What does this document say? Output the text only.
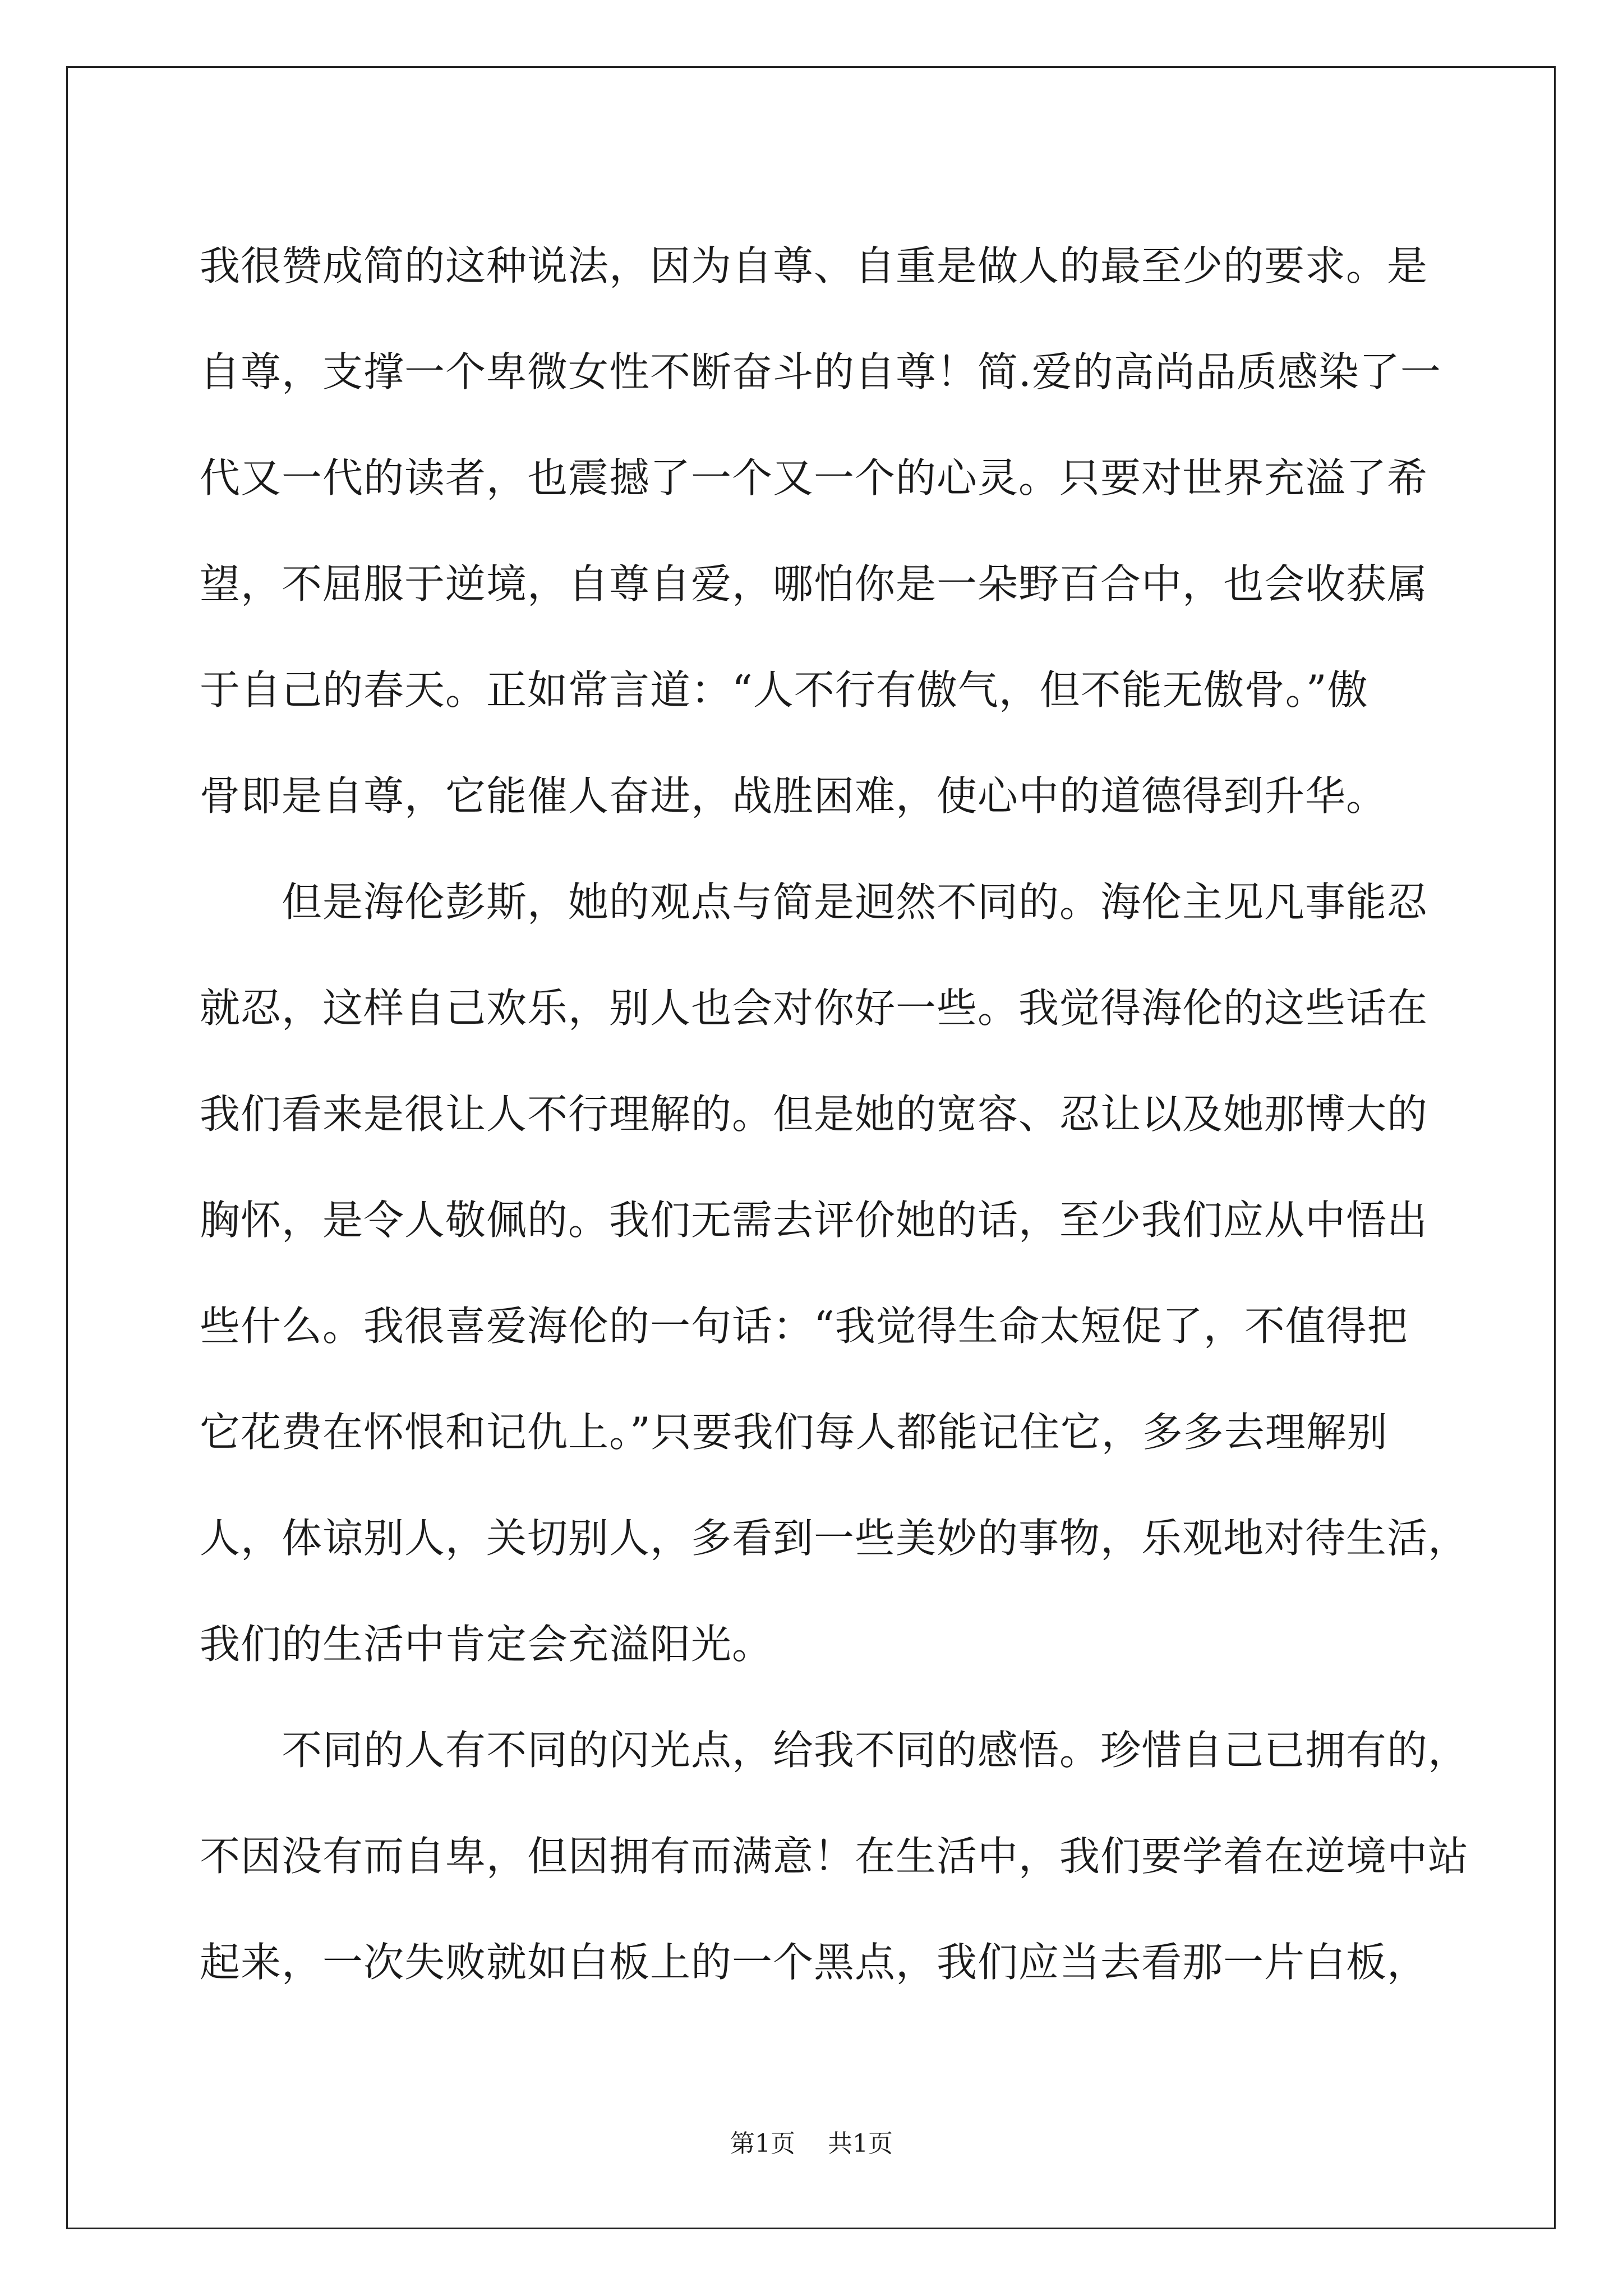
我很赞成简的这种说法，因为自尊、自重是做人的最至少的要求。是
自尊，支撑一个卑微女性不断奋斗的自尊！简.爱的高尚品质感染了一
代又一代的读者，也震撼了一个又一个的心灵。只要对世界充溢了希
望，不屈服于逆境，自尊自爱，哪怕你是一朵野百合中，也会收获属
于自己的春天。正如常言道：“人不行有傲气，但不能无傲骨。”傲
骨即是自尊，它能催人奋进，战胜困难，使心中的道德得到升华。
　　但是海伦彭斯，她的观点与简是迥然不同的。海伦主见凡事能忍
就忍，这样自己欢乐，别人也会对你好一些。我觉得海伦的这些话在
我们看来是很让人不行理解的。但是她的宽容、忍让以及她那博大的
胸怀，是令人敬佩的。我们无需去评价她的话，至少我们应从中悟出
些什么。我很喜爱海伦的一句话：“我觉得生命太短促了，不值得把
它花费在怀恨和记仇上。”只要我们每人都能记住它，多多去理解别
人，体谅别人，关切别人，多看到一些美妙的事物，乐观地对待生活，
我们的生活中肯定会充溢阳光。
　　不同的人有不同的闪光点，给我不同的感悟。珍惜自己已拥有的，
不因没有而自卑，但因拥有而满意！在生活中，我们要学着在逆境中站
起来，一次失败就如白板上的一个黑点，我们应当去看那一片白板，
第1页 共1页
